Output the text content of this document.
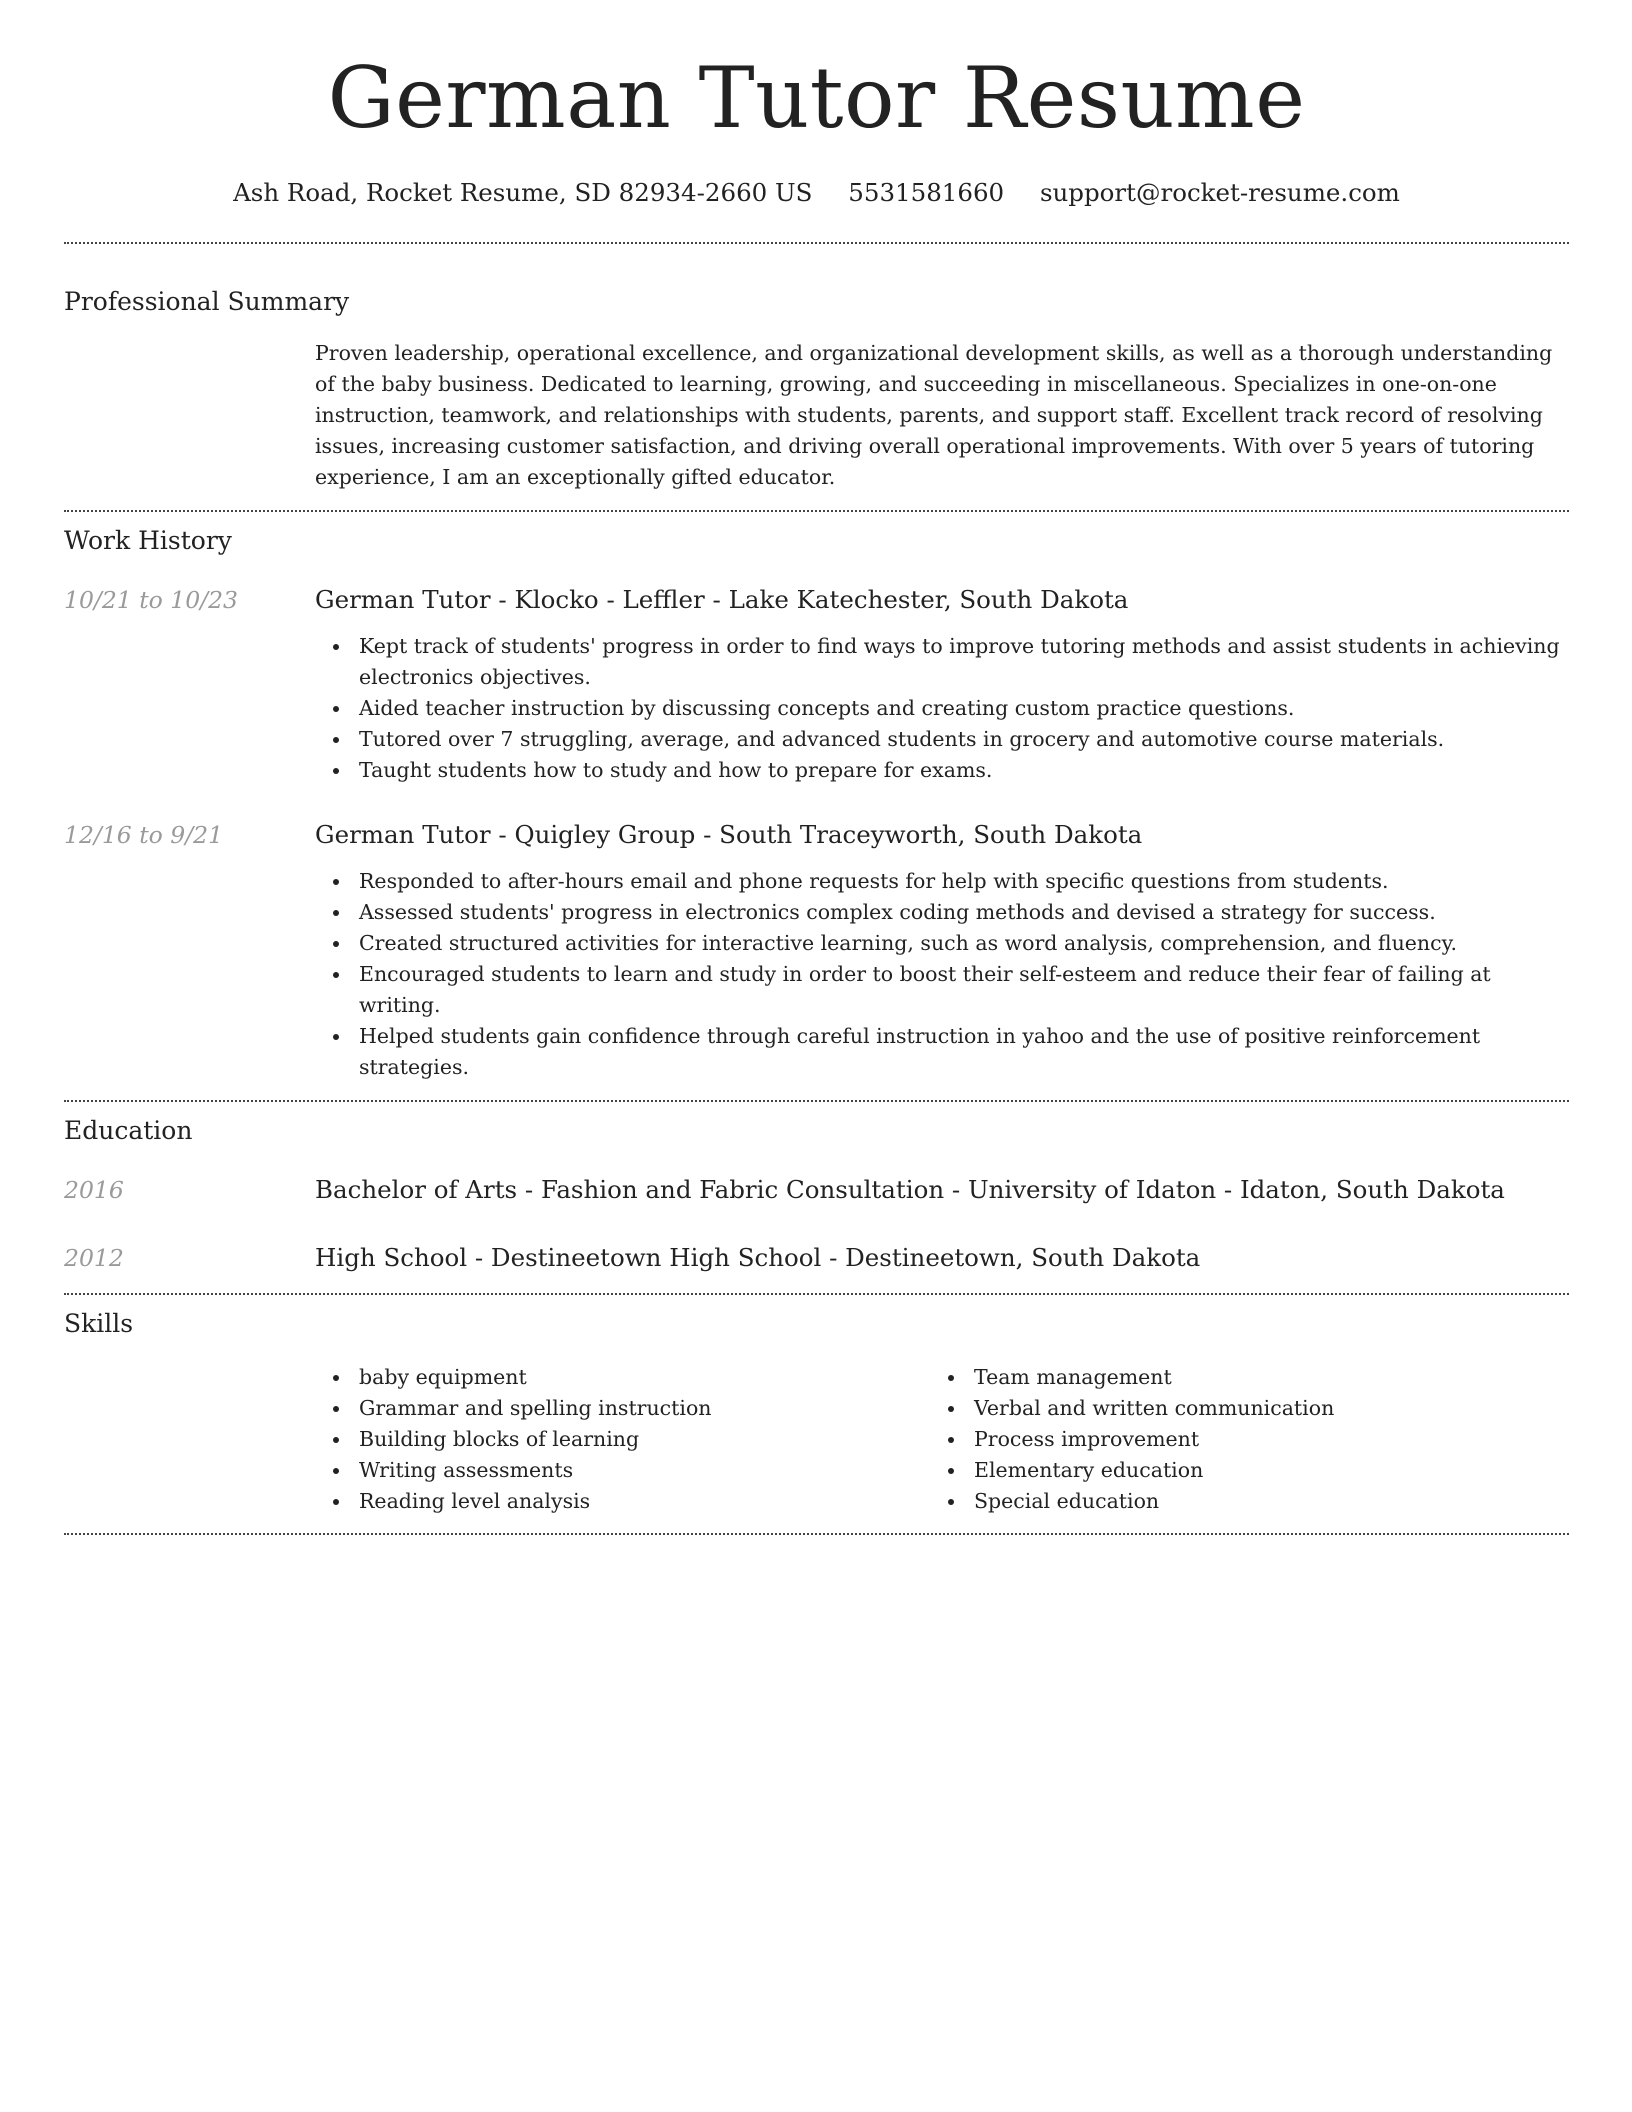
German Tutor Resume
Ash Road, Rocket Resume, SD 82934-2660 US 5531581660 support@rocket-resume.com
Professional Summary
Proven leadership, operational excellence, and organizational development skills, as well as a thorough understanding of the baby business. Dedicated to learning, growing, and succeeding in miscellaneous. Specializes in one-on-one instruction, teamwork, and relationships with students, parents, and support staff. Excellent track record of resolving issues, increasing customer satisfaction, and driving overall operational improvements. With over 5 years of tutoring experience, I am an exceptionally gifted educator.
Work History
10/21 to 10/23	German Tutor - Klocko - Leffler - Lake Katechester, South Dakota
Kept track of students' progress in order to find ways to improve tutoring methods and assist students in achieving electronics objectives.
Aided teacher instruction by discussing concepts and creating custom practice questions.
Tutored over 7 struggling, average, and advanced students in grocery and automotive course materials.
Taught students how to study and how to prepare for exams.
12/16 to 9/21	German Tutor - Quigley Group - South Traceyworth, South Dakota
Responded to after-hours email and phone requests for help with specific questions from students.
Assessed students' progress in electronics complex coding methods and devised a strategy for success.
Created structured activities for interactive learning, such as word analysis, comprehension, and fluency.
Encouraged students to learn and study in order to boost their self-esteem and reduce their fear of failing at writing.
Helped students gain confidence through careful instruction in yahoo and the use of positive reinforcement strategies.
Education
2016	Bachelor of Arts - Fashion and Fabric Consultation - University of Idaton - Idaton, South Dakota
2012	High School - Destineetown High School - Destineetown, South Dakota
Skills
baby equipment
Grammar and spelling instruction
Building blocks of learning
Writing assessments
Reading level analysis
Team management
Verbal and written communication
Process improvement
Elementary education
Special education
